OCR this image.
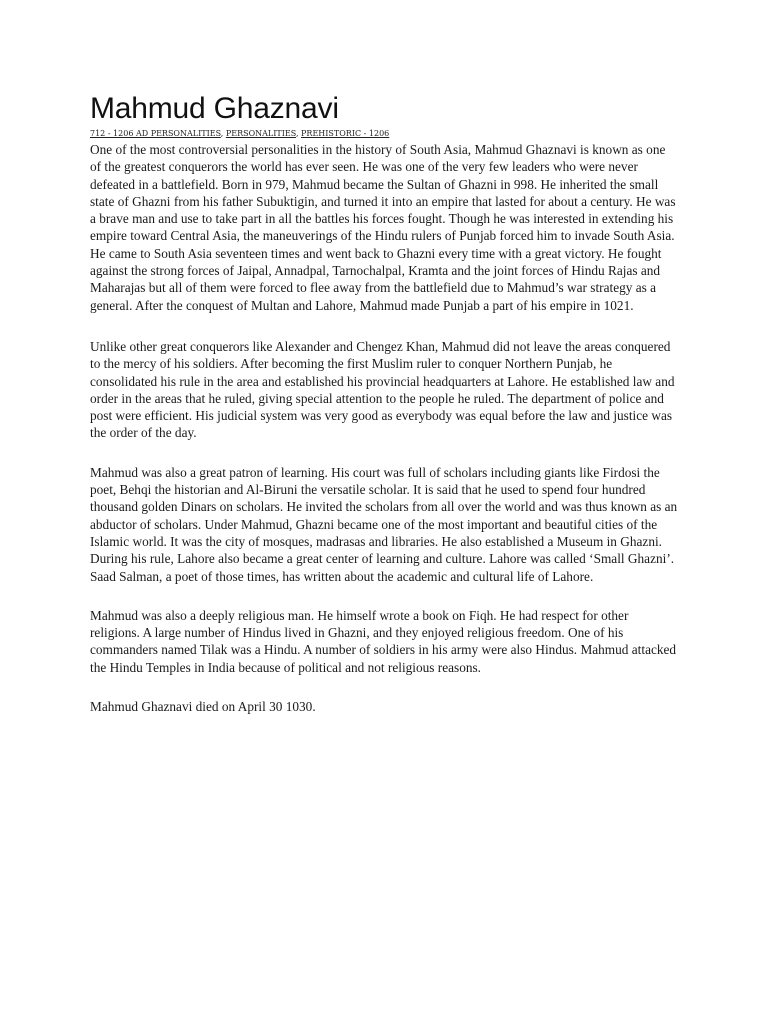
Mahmud Ghaznavi
712 - 1206 AD PERSONALITIES, PERSONALITIES, PREHISTORIC - 1206

One of the most controversial personalities in the history of South Asia, Mahmud Ghaznavi is known as one of the greatest conquerors the world has ever seen. He was one of the very few leaders who were never defeated in a battlefield. Born in 979, Mahmud became the Sultan of Ghazni in 998. He inherited the small state of Ghazni from his father Subuktigin, and turned it into an empire that lasted for about a century. He was a brave man and use to take part in all the battles his forces fought. Though he was interested in extending his empire toward Central Asia, the maneuverings of the Hindu rulers of Punjab forced him to invade South Asia. He came to South Asia seventeen times and went back to Ghazni every time with a great victory. He fought against the strong forces of Jaipal, Annadpal, Tarnochalpal, Kramta and the joint forces of Hindu Rajas and Maharajas but all of them were forced to flee away from the battlefield due to Mahmud’s war strategy as a general. After the conquest of Multan and Lahore, Mahmud made Punjab a part of his empire in 1021.

Unlike other great conquerors like Alexander and Chengez Khan, Mahmud did not leave the areas conquered to the mercy of his soldiers. After becoming the first Muslim ruler to conquer Northern Punjab, he consolidated his rule in the area and established his provincial headquarters at Lahore. He established law and order in the areas that he ruled, giving special attention to the people he ruled. The department of police and post were efficient. His judicial system was very good as everybody was equal before the law and justice was the order of the day.

Mahmud was also a great patron of learning. His court was full of scholars including giants like Firdosi the poet, Behqi the historian and Al-Biruni the versatile scholar. It is said that he used to spend four hundred thousand golden Dinars on scholars. He invited the scholars from all over the world and was thus known as an abductor of scholars. Under Mahmud, Ghazni became one of the most important and beautiful cities of the Islamic world. It was the city of mosques, madrasas and libraries. He also established a Museum in Ghazni. During his rule, Lahore also became a great center of learning and culture. Lahore was called ‘Small Ghazni’. Saad Salman, a poet of those times, has written about the academic and cultural life of Lahore.

Mahmud was also a deeply religious man. He himself wrote a book on Fiqh. He had respect for other religions. A large number of Hindus lived in Ghazni, and they enjoyed religious freedom. One of his commanders named Tilak was a Hindu. A number of soldiers in his army were also Hindus. Mahmud attacked the Hindu Temples in India because of political and not religious reasons.

Mahmud Ghaznavi died on April 30 1030.
